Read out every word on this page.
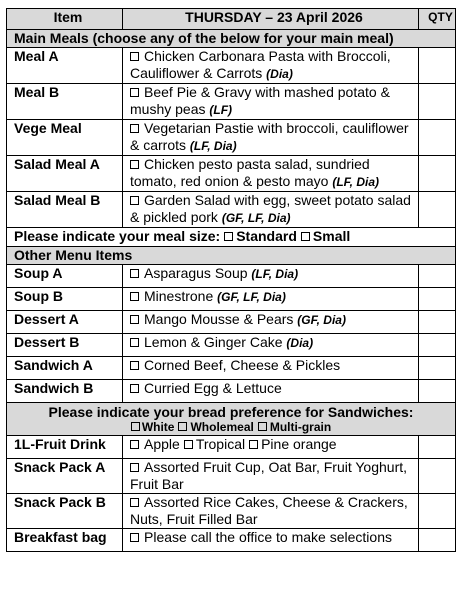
Item	THURSDAY – 23 April 2026	QTY
Main Meals (choose any of the below for your main meal)		
Meal A	Chicken Carbonara Pasta with Broccoli, Cauliflower & Carrots (Dia)	
Meal B	Beef Pie & Gravy with mashed potato & mushy peas (LF)	
Vege Meal	Vegetarian Pastie with broccoli, cauliflower & carrots (LF, Dia)	
Salad Meal A	Chicken pesto pasta salad, sundried tomato, red onion & pesto mayo (LF, Dia)	
Salad Meal B	Garden Salad with egg, sweet potato salad & pickled pork (GF, LF, Dia)	
Please indicate your meal size: Standard Small		
Other Menu Items		
Soup A	Asparagus Soup (LF, Dia)	
Soup B	Minestrone (GF, LF, Dia)	
Dessert A	Mango Mousse & Pears (GF, Dia)	
Dessert B	Lemon & Ginger Cake (Dia)	
Sandwich A	Corned Beef, Cheese & Pickles	
Sandwich B	Curried Egg & Lettuce	

Please indicate your bread preference for Sandwiches:
White Wholemeal Multi-grain		

1L-Fruit Drink	Apple Tropical Pine orange	
Snack Pack A	Assorted Fruit Cup, Oat Bar, Fruit Yoghurt, Fruit Bar	
Snack Pack B	Assorted Rice Cakes, Cheese & Crackers, Nuts, Fruit Filled Bar	
Breakfast bag	Please call the office to make selections	
